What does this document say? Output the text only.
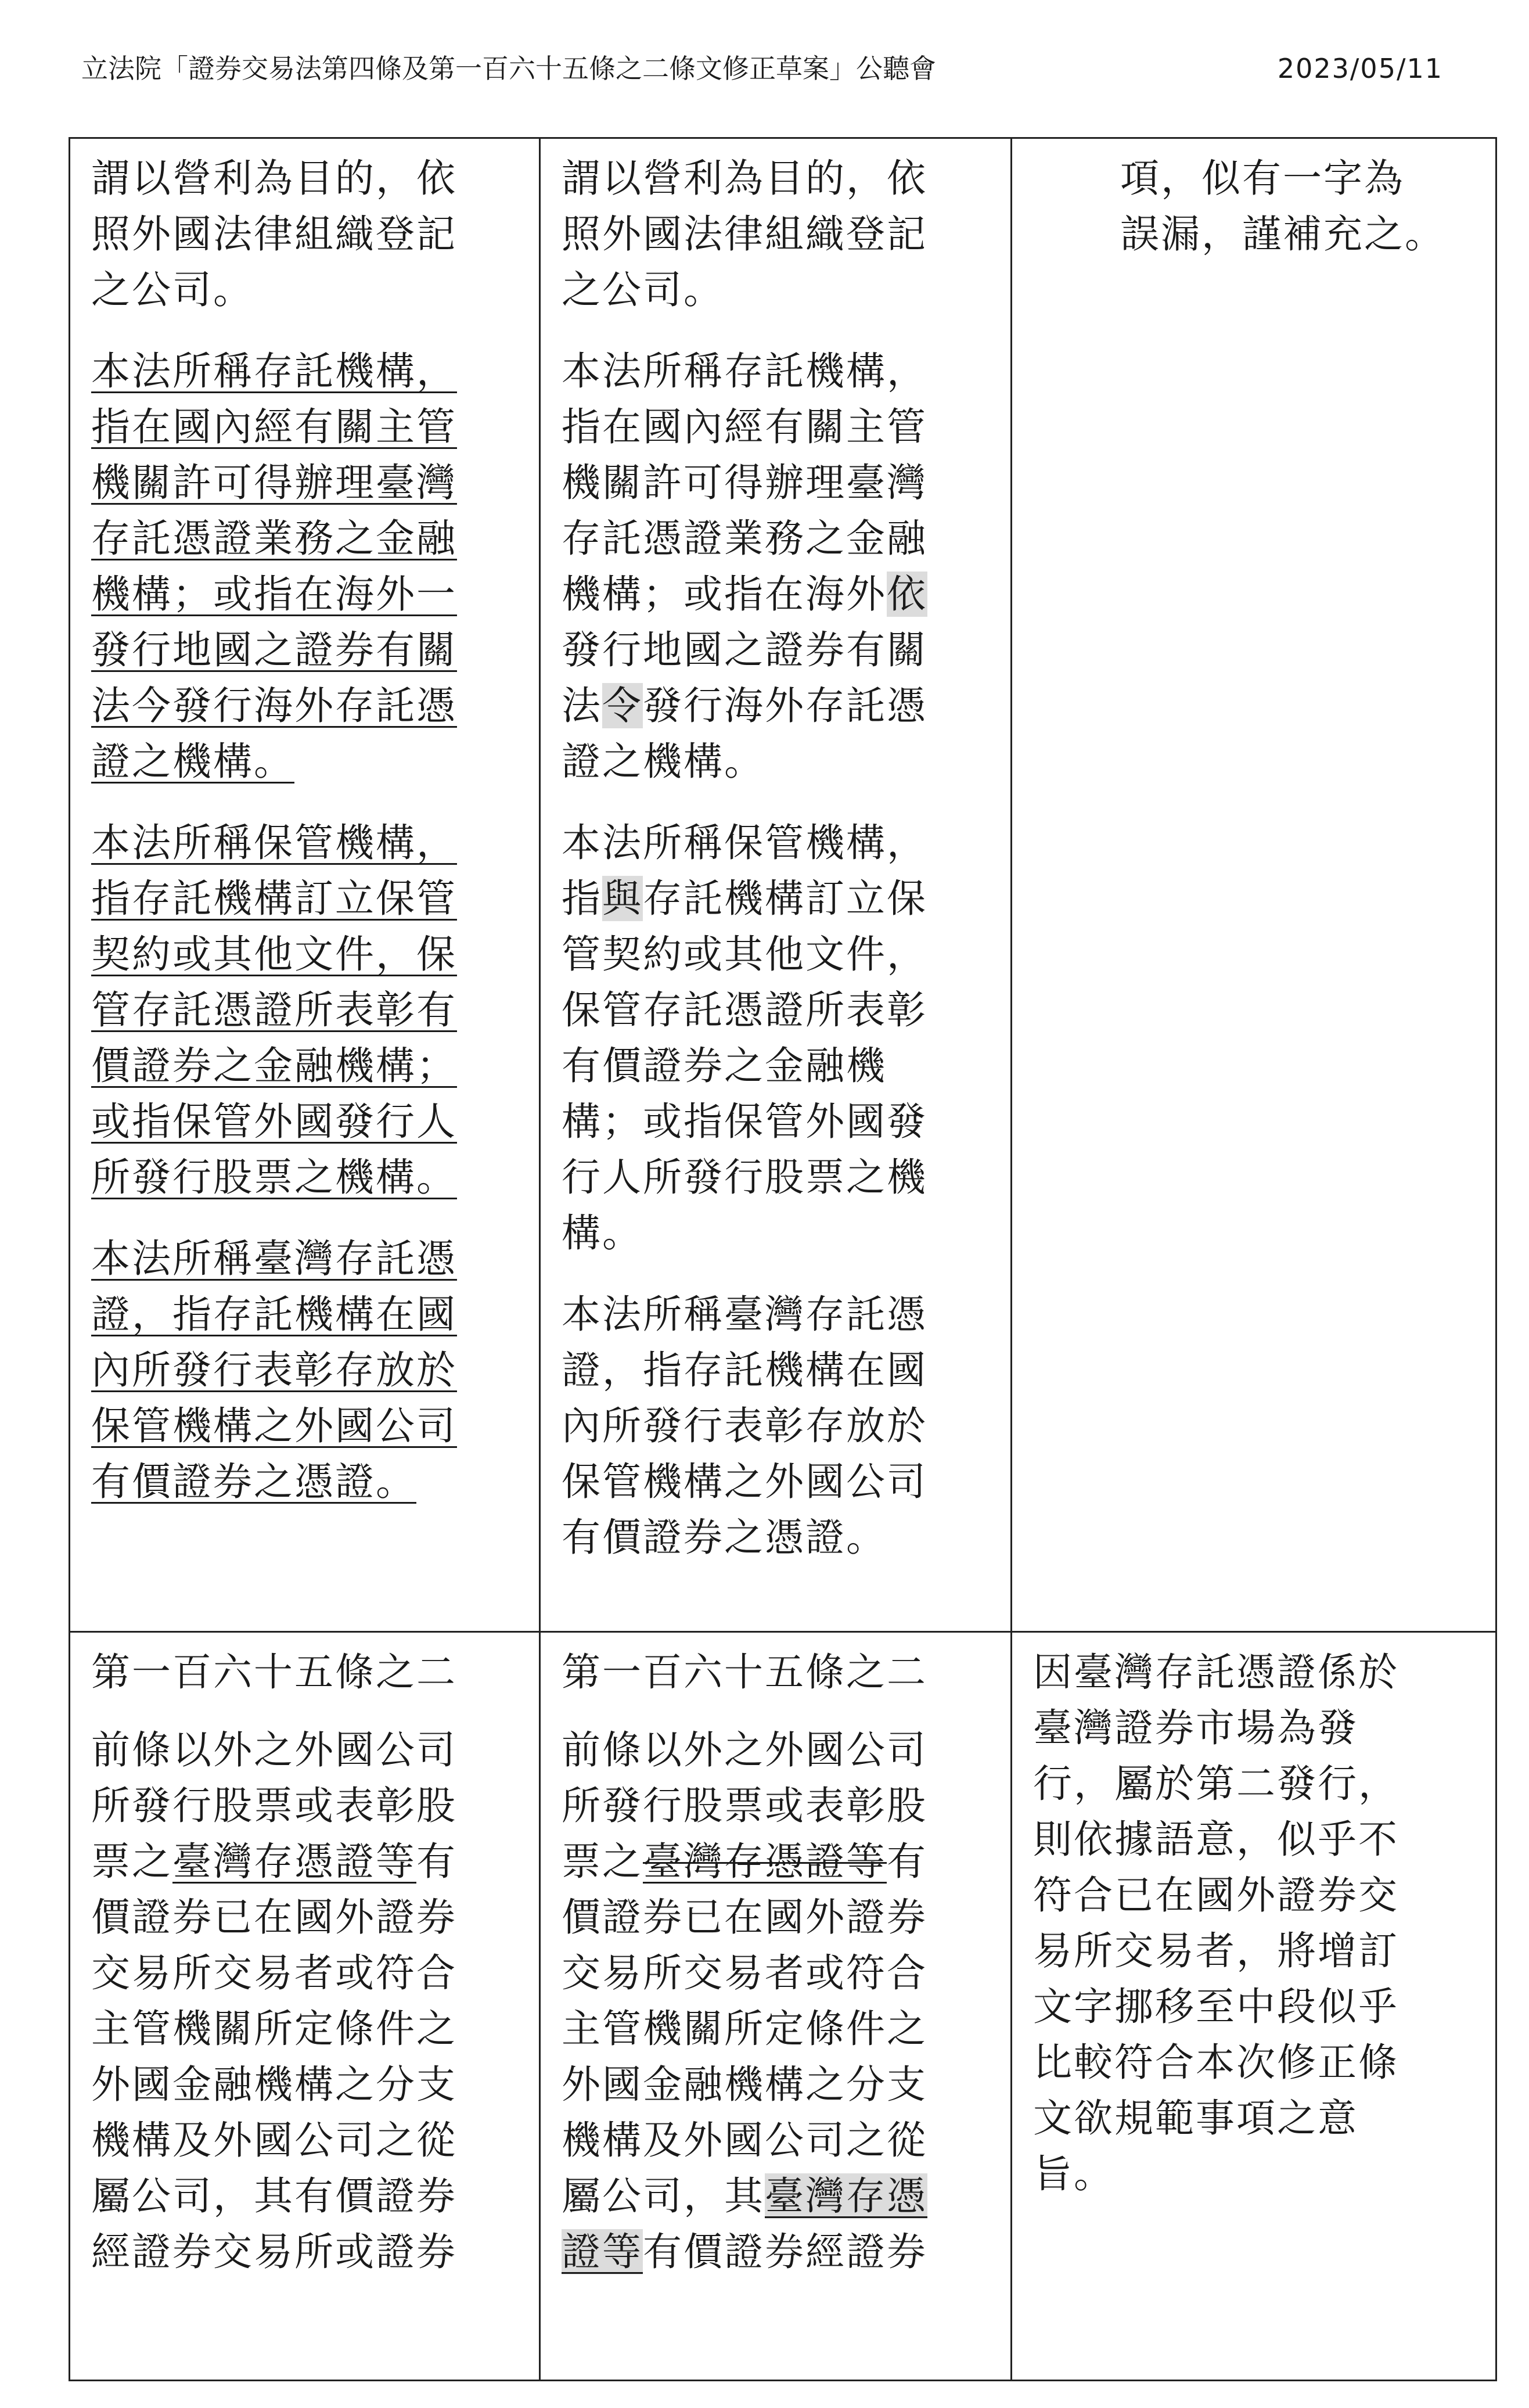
立法院「證券交易法第四條及第一百六十五條之二條文修正草案」公聽會	2023/05/11

謂以營利為目的，依
照外國法律組織登記
之公司。

本法所稱存託機構，
指在國內經有關主管
機關許可得辦理臺灣
存託憑證業務之金融
機構；或指在海外一
發行地國之證券有關
法今發行海外存託憑
證之機構。

本法所稱保管機構，
指存託機構訂立保管
契約或其他文件，保
管存託憑證所表彰有
價證券之金融機構；
或指保管外國發行人
所發行股票之機構。

本法所稱臺灣存託憑
證，指存託機構在國
內所發行表彰存放於
保管機構之外國公司
有價證券之憑證。

謂以營利為目的，依
照外國法律組織登記
之公司。

本法所稱存託機構，
指在國內經有關主管
機關許可得辦理臺灣
存託憑證業務之金融
機構；或指在海外依
發行地國之證券有關
法令發行海外存託憑
證之機構。

本法所稱保管機構，
指與存託機構訂立保
管契約或其他文件，
保管存託憑證所表彰
有價證券之金融機
構；或指保管外國發
行人所發行股票之機
構。

本法所稱臺灣存託憑
證，指存託機構在國
內所發行表彰存放於
保管機構之外國公司
有價證券之憑證。

項，似有一字為
誤漏，謹補充之。

第一百六十五條之二

前條以外之外國公司
所發行股票或表彰股
票之臺灣存憑證等有
價證券已在國外證券
交易所交易者或符合
主管機關所定條件之
外國金融機構之分支
機構及外國公司之從
屬公司，其有價證券
經證券交易所或證券

第一百六十五條之二

前條以外之外國公司
所發行股票或表彰股
票之臺灣存憑證等有
價證券已在國外證券
交易所交易者或符合
主管機關所定條件之
外國金融機構之分支
機構及外國公司之從
屬公司，其臺灣存憑
證等有價證券經證券

因臺灣存託憑證係於
臺灣證券市場為發
行，屬於第二發行，
則依據語意，似乎不
符合已在國外證券交
易所交易者，將增訂
文字挪移至中段似乎
比較符合本次修正條
文欲規範事項之意
旨。
